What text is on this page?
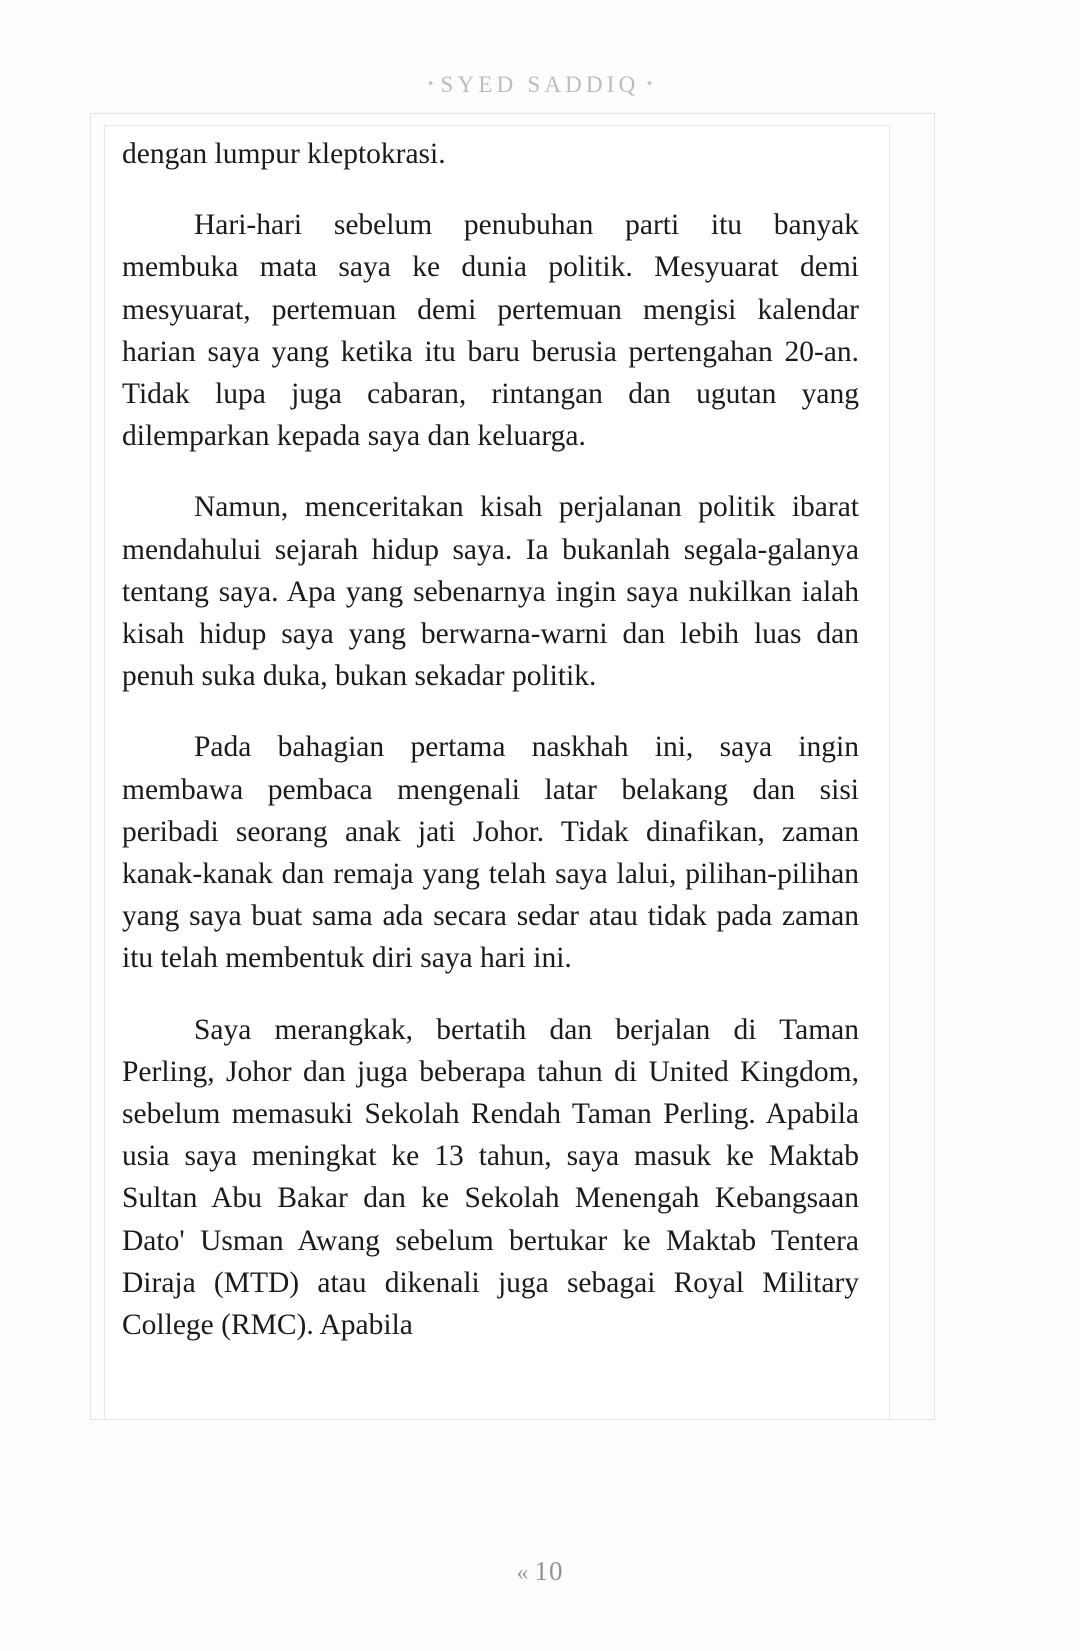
• SYED SADDIQ •

dengan lumpur kleptokrasi.

Hari-hari sebelum penubuhan parti itu banyak membuka mata saya ke dunia politik. Mesyuarat demi mesyuarat, pertemuan demi pertemuan mengisi kalendar harian saya yang ketika itu baru berusia pertengahan 20-an. Tidak lupa juga cabaran, rintangan dan ugutan yang dilemparkan kepada saya dan keluarga.

Namun, menceritakan kisah perjalanan politik ibarat mendahului sejarah hidup saya. Ia bukanlah segala-galanya tentang saya. Apa yang sebenarnya ingin saya nukilkan ialah kisah hidup saya yang berwarna-warni dan lebih luas dan penuh suka duka, bukan sekadar politik.

Pada bahagian pertama naskhah ini, saya ingin membawa pembaca mengenali latar belakang dan sisi peribadi seorang anak jati Johor. Tidak dinafikan, zaman kanak-kanak dan remaja yang telah saya lalui, pilihan-pilihan yang saya buat sama ada secara sedar atau tidak pada zaman itu telah membentuk diri saya hari ini.

Saya merangkak, bertatih dan berjalan di Taman Perling, Johor dan juga beberapa tahun di United Kingdom, sebelum memasuki Sekolah Rendah Taman Perling. Apabila usia saya meningkat ke 13 tahun, saya masuk ke Maktab Sultan Abu Bakar dan ke Sekolah Menengah Kebangsaan Dato' Usman Awang sebelum bertukar ke Maktab Tentera Diraja (MTD) atau dikenali juga sebagai Royal Military College (RMC). Apabila

« 10
